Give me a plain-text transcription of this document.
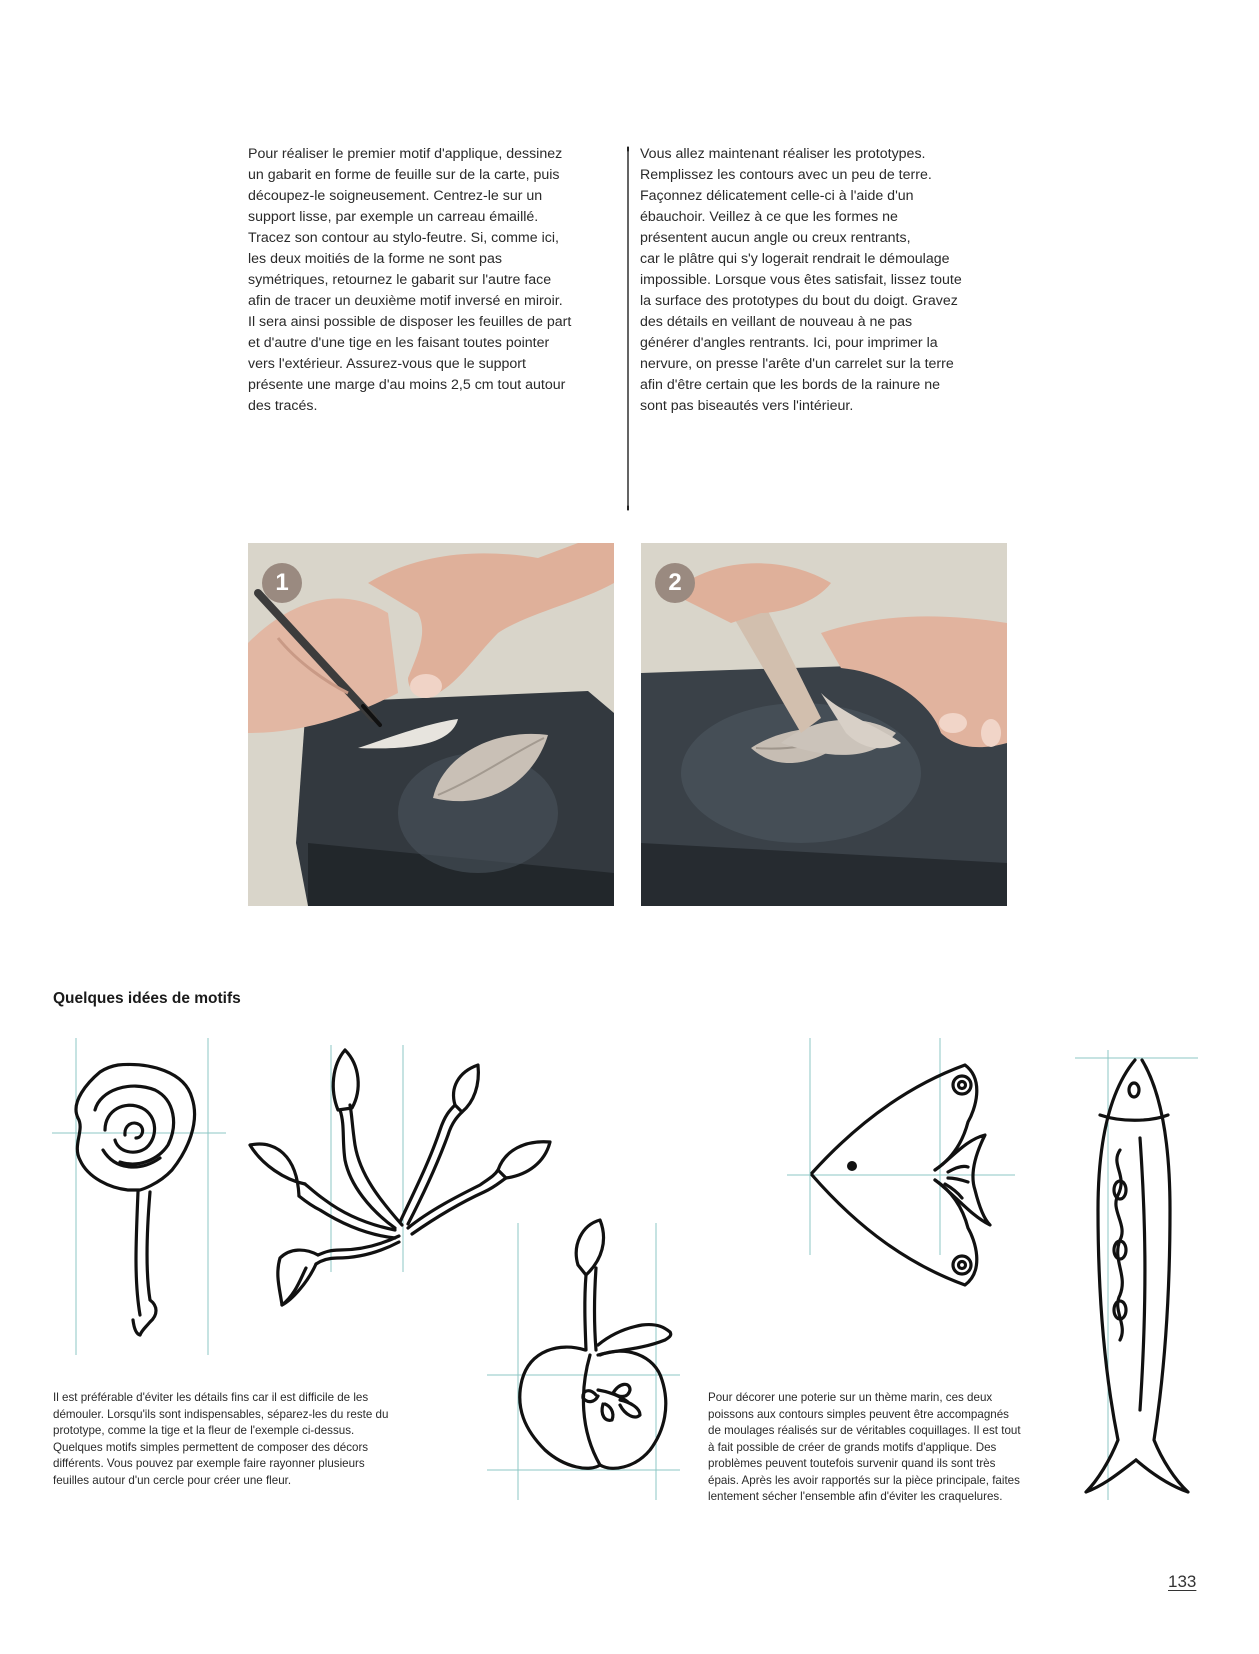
Pour réaliser le premier motif d'applique, dessinez

un gabarit en forme de feuille sur de la carte, puis

découpez-le soigneusement. Centrez-le sur un

support lisse, par exemple un carreau émaillé.

Tracez son contour au stylo-feutre. Si, comme ici,

les deux moitiés de la forme ne sont pas

symétriques, retournez le gabarit sur l'autre face

afin de tracer un deuxième motif inversé en miroir.

Il sera ainsi possible de disposer les feuilles de part

et d'autre d'une tige en les faisant toutes pointer

vers l'extérieur. Assurez-vous que le support

présente une marge d'au moins 2,5 cm tout autour

des tracés.

Vous allez maintenant réaliser les prototypes.

Remplissez les contours avec un peu de terre.

Façonnez délicatement celle-ci à l'aide d'un

ébauchoir. Veillez à ce que les formes ne

présentent aucun angle ou creux rentrants,

car le plâtre qui s'y logerait rendrait le démoulage

impossible. Lorsque vous êtes satisfait, lissez toute

la surface des prototypes du bout du doigt. Gravez

des détails en veillant de nouveau à ne pas

générer d'angles rentrants. Ici, pour imprimer la

nervure, on presse l'arête d'un carrelet sur la terre

afin d'être certain que les bords de la rainure ne

sont pas biseautés vers l'intérieur.

1	2
Quelques idées de motifs

Il est préférable d'éviter les détails fins car il est difficile de les

démouler. Lorsqu'ils sont indispensables, séparez-les du reste du

prototype, comme la tige et la fleur de l'exemple ci-dessus.

Quelques motifs simples permettent de composer des décors

différents. Vous pouvez par exemple faire rayonner plusieurs

feuilles autour d'un cercle pour créer une fleur.

Pour décorer une poterie sur un thème marin, ces deux

poissons aux contours simples peuvent être accompagnés

de moulages réalisés sur de véritables coquillages. Il est tout

à fait possible de créer de grands motifs d'applique. Des

problèmes peuvent toutefois survenir quand ils sont très

épais. Après les avoir rapportés sur la pièce principale, faites

lentement sécher l'ensemble afin d'éviter les craquelures.

133
